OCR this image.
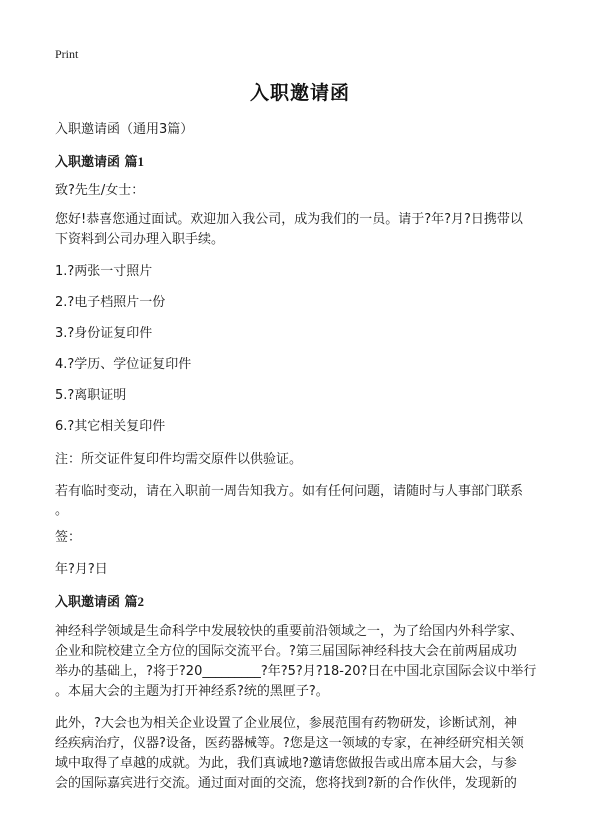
Print
入职邀请函
入职邀请函（通用3篇）
入职邀请函 篇1
致?先生/女士：
您好!恭喜您通过面试。欢迎加入我公司，成为我们的一员。请于?年?月?日携带以
下资料到公司办理入职手续。
1.?两张一寸照片
2.?电子档照片一份
3.?身份证复印件
4.?学历、学位证复印件
5.?离职证明
6.?其它相关复印件
注：所交证件复印件均需交原件以供验证。
若有临时变动，请在入职前一周告知我方。如有任何问题，请随时与人事部门联系
。
签：
年?月?日
入职邀请函 篇2
神经科学领域是生命科学中发展较快的重要前沿领域之一，为了给国内外科学家、
企业和院校建立全方位的国际交流平台。?第三届国际神经科技大会在前两届成功
举办的基础上，?将于?20_________?年?5?月?18-20?日在中国北京国际会议中举行
。本届大会的主题为打开神经系?统的黑匣子?。
此外，?大会也为相关企业设置了企业展位，参展范围有药物研发，诊断试剂，神
经疾病治疗，仪器?设备，医药器械等。?您是这一领域的专家，在神经研究相关领
域中取得了卓越的成就。为此，我们真诚地?邀请您做报告或出席本届大会，与参
会的国际嘉宾进行交流。通过面对面的交流，您将找到?新的合作伙伴，发现新的
